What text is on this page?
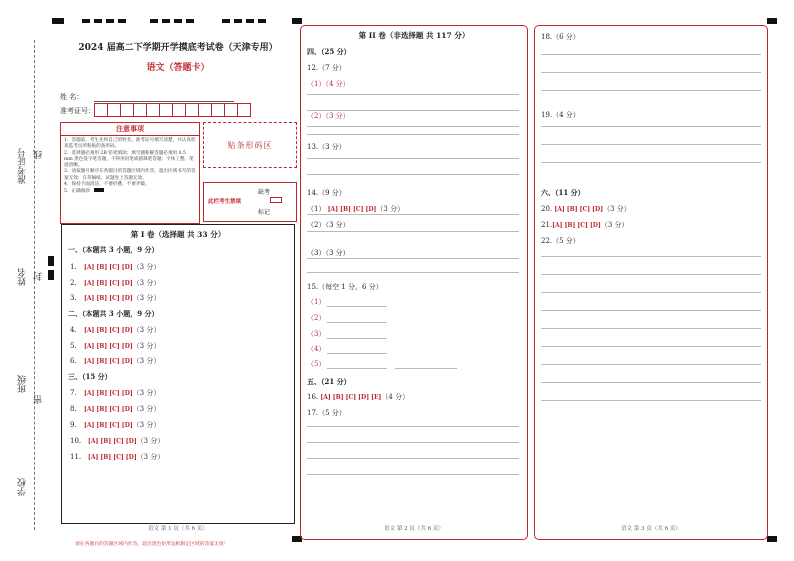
准考证号 线
姓名 封
班级
密
学校
2024 届高二下学期开学摸底考试卷（天津专用）
语文（答题卡）
姓 名：
准考证号：
注意事项
1．答题前，考生先将自己的姓名、准考证号填写清楚，并认真检查监考员所粘贴的条形码。
2．选择题必须用 2B 铅笔填涂；填空题和解答题必须用 0.5 mm 黑色签字笔答题，不得用铅笔或圆珠笔答题；字体工整、笔迹清晰。
3．请按题号顺序在各题目的答题区域内作答，超出区域书写的答案无效；在草稿纸、试题卷上答题无效。
4．保持卡面清洁，不要折叠、不要弄破。
5．正确填涂
贴条形码区
此栏考生禁填
缺考
标记
第 I 卷（选择题 共 33 分）
一、（本题共 3 小题，9 分）
1. [A] [B] [C] [D]（3 分）
2. [A] [B] [C] [D]（3 分）
3. [A] [B] [C] [D]（3 分）
二、（本题共 3 小题，9 分）
4. [A] [B] [C] [D]（3 分）
5. [A] [B] [C] [D]（3 分）
6. [A] [B] [C] [D]（3 分）
三、（15 分）
7. [A] [B] [C] [D]（3 分）
8. [A] [B] [C] [D]（3 分）
9. [A] [B] [C] [D]（3 分）
10. [A] [B] [C] [D]（3 分）
11. [A] [B] [C] [D]（3 分）
语文 第 1 页（共 6 页）
请在各题目的答题区域内作答，超出黑色矩形边框限定区域的答案无效！
第 II 卷（非选择题 共 117 分）
四、（25 分）
12.（7 分）
（1）（4 分）
（2）（3 分）
13.（3 分）
14.（9 分）
（1） [A] [B] [C] [D]（3 分）
（2）（3 分）
（3）（3 分）
15.（每空 1 分，6 分）
（1）
（2）
（3）
（4）
（5）
五、（21 分）
16. [A] [B] [C] [D] [E]（4 分）
17.（5 分）
语文 第 2 页（共 6 页）
18.（6 分）
19.（4 分）
六、（11 分）
20. [A] [B] [C] [D]（3 分）
21.[A] [B] [C] [D]（3 分）
22.（5 分）
语文 第 3 页（共 6 页）
